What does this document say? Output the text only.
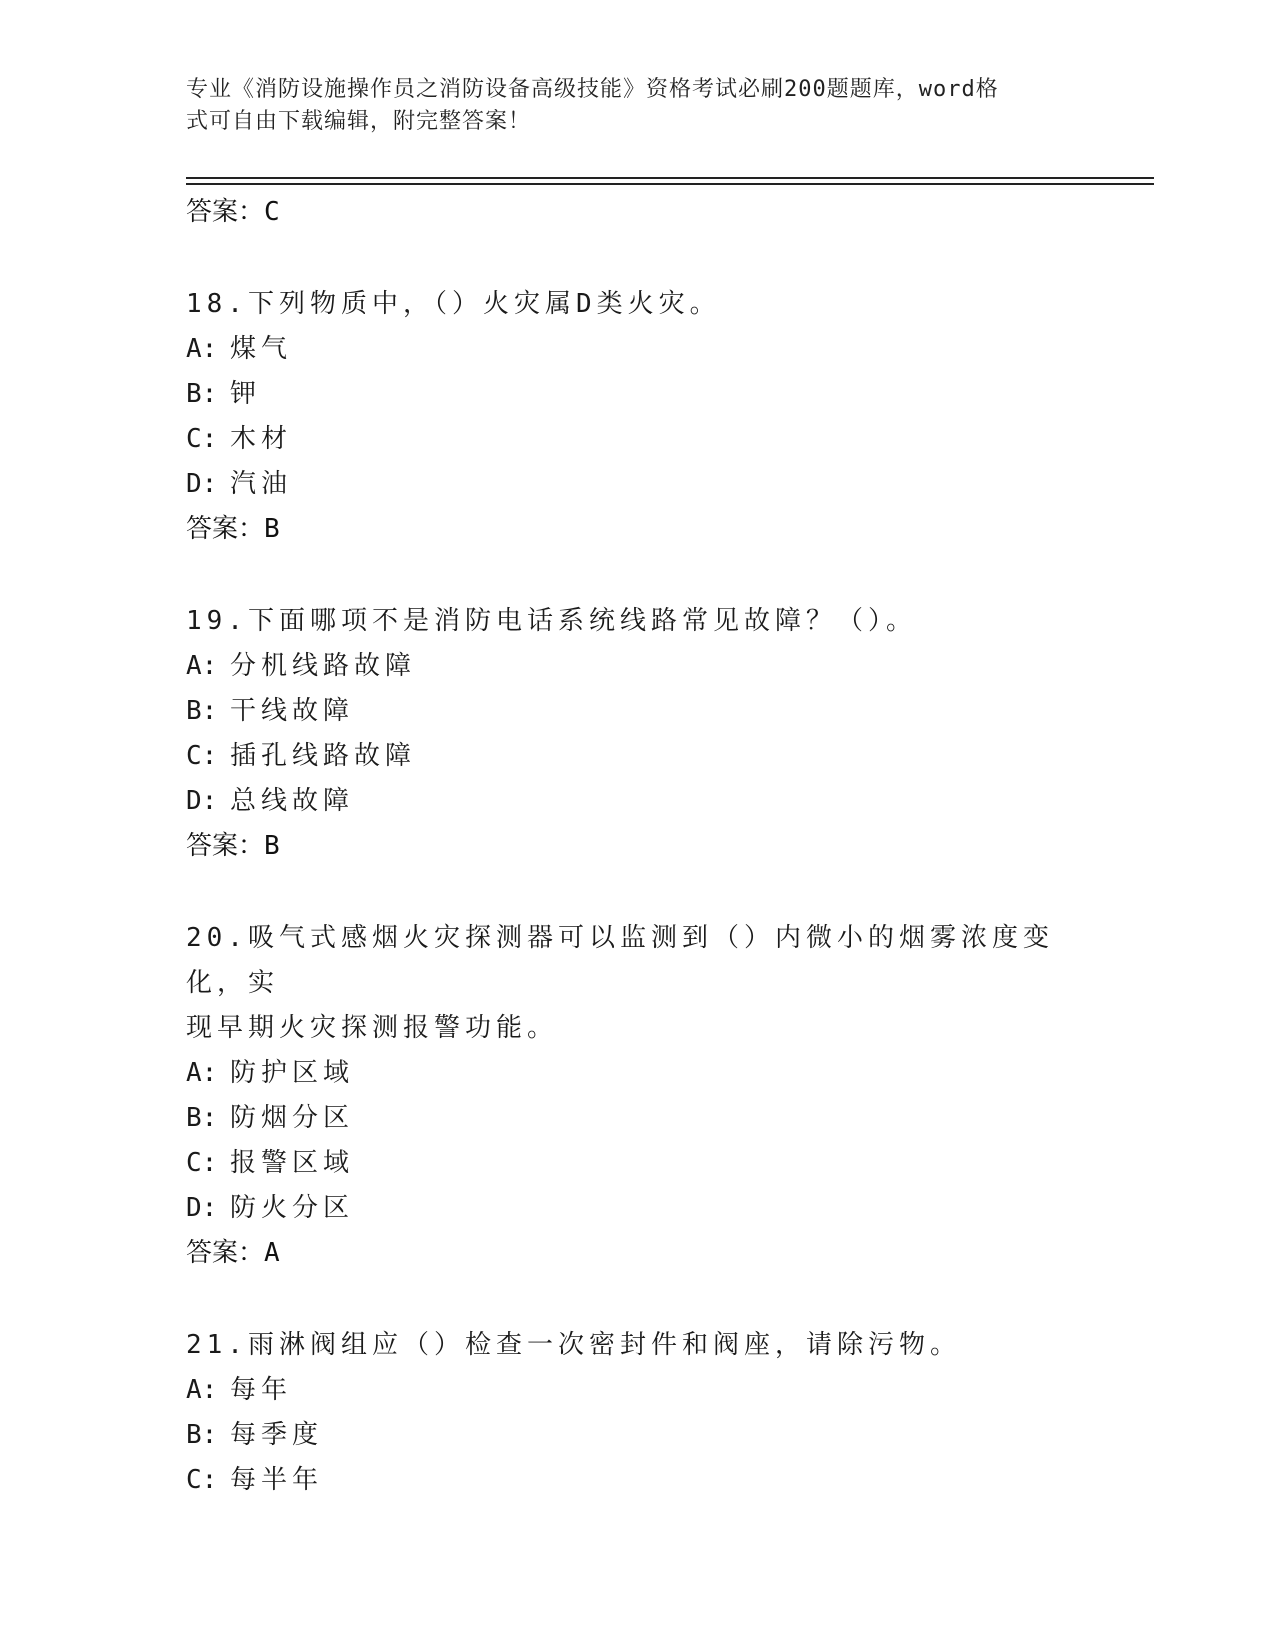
专业《消防设施操作员之消防设备高级技能》资格考试必刷200题题库，word格
式可自由下载编辑，附完整答案！
答案：C
18.下列物质中，（）火灾属D类火灾。
A: 煤气
B: 钾
C: 木材
D: 汽油
答案：B
19.下面哪项不是消防电话系统线路常见故障？（）。
A: 分机线路故障
B: 干线故障
C: 插孔线路故障
D: 总线故障
答案：B
20.吸气式感烟火灾探测器可以监测到（）内微小的烟雾浓度变化，实
现早期火灾探测报警功能。
A: 防护区域
B: 防烟分区
C: 报警区域
D: 防火分区
答案：A
21.雨淋阀组应（）检查一次密封件和阀座，请除污物。
A: 每年
B: 每季度
C: 每半年
